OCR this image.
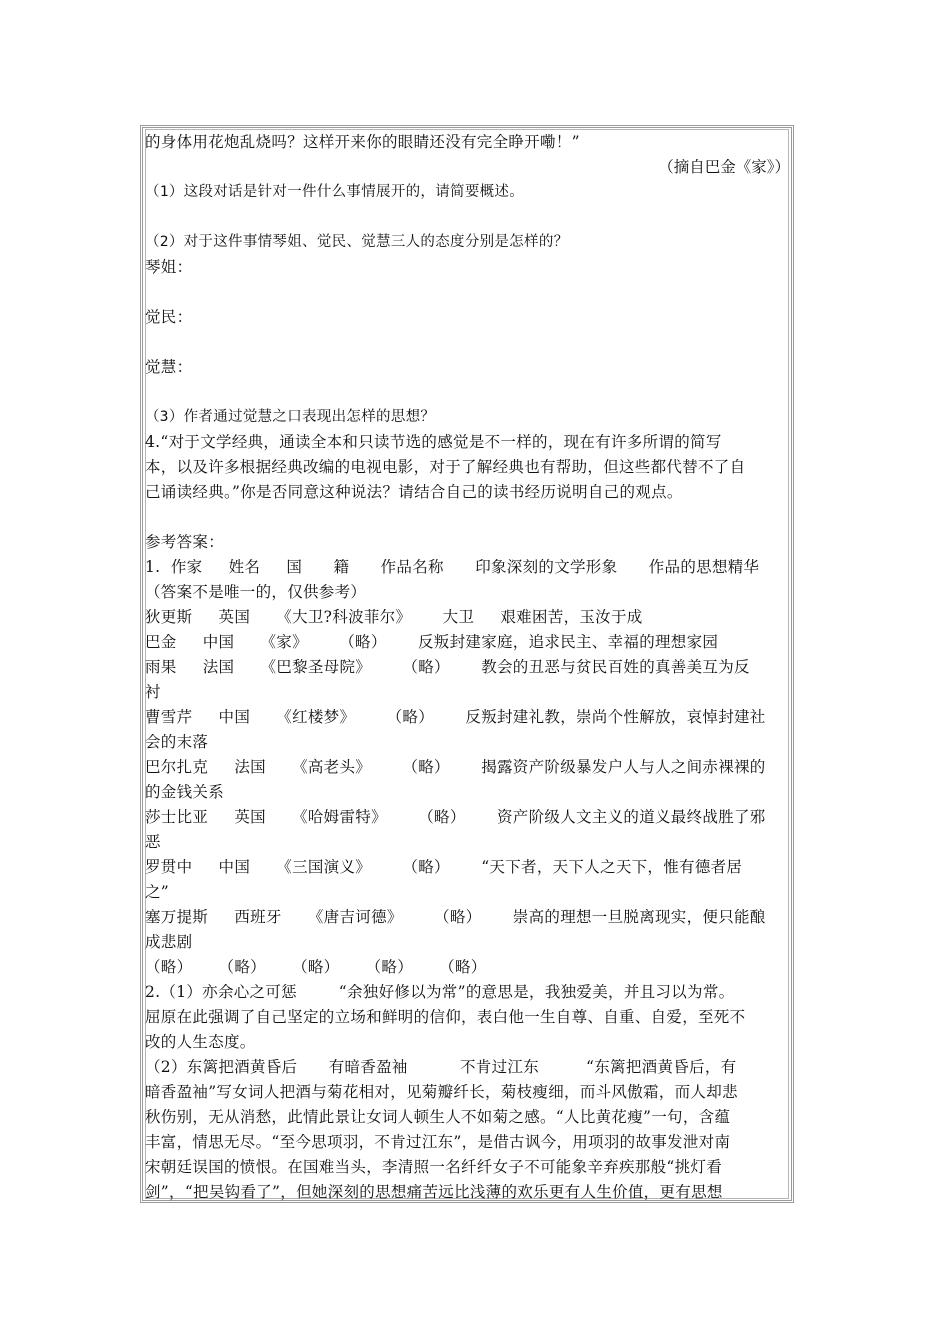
的身体用花炮乱烧吗？这样开来你的眼睛还没有完全睁开嘞！”
（摘自巴金《家》）
（1）这段对话是针对一件什么事情展开的，请简要概述。
（2）对于这件事情琴姐、觉民、觉慧三人的态度分别是怎样的？
琴姐：
觉民：
觉慧：
（3）作者通过觉慧之口表现出怎样的思想？
4.“对于文学经典，通读全本和只读节选的感觉是不一样的，现在有许多所谓的简写
本，以及许多根据经典改编的电视电影，对于了解经典也有帮助，但这些都代替不了自
己诵读经典。”你是否同意这种说法？请结合自己的读书经历说明自己的观点。
参考答案：
1.  作家     姓名     国      籍      作品名称      印象深刻的文学形象      作品的思想精华
（答案不是唯一的，仅供参考）
狄更斯     英国     《大卫?科波菲尔》      大卫     艰难困苦，玉汝于成
巴金     中国     《家》      （略）      反叛封建家庭，追求民主、幸福的理想家园
雨果     法国     《巴黎圣母院》      （略）      教会的丑恶与贫民百姓的真善美互为反
衬
曹雪芹     中国     《红楼梦》      （略）      反叛封建礼教，崇尚个性解放，哀悼封建社
会的末落
巴尔扎克     法国     《高老头》      （略）      揭露资产阶级暴发户人与人之间赤裸裸的
的金钱关系
莎士比亚     英国     《哈姆雷特》      （略）      资产阶级人文主义的道义最终战胜了邪
恶
罗贯中     中国     《三国演义》      （略）      “天下者，天下人之天下，惟有德者居
之”
塞万提斯     西班牙     《唐吉诃德》      （略）      崇高的理想一旦脱离现实，便只能酿
成悲剧
（略）     （略）     （略）     （略）     （略）
2.（1）亦余心之可惩        “余独好修以为常”的意思是，我独爱美，并且习以为常。
屈原在此强调了自己坚定的立场和鲜明的信仰，表白他一生自尊、自重、自爱，至死不
改的人生态度。
（2）东篱把酒黄昏后      有暗香盈袖          不肯过江东         “东篱把酒黄昏后，有
暗香盈袖”写女词人把酒与菊花相对，见菊瓣纤长，菊枝瘦细，而斗风傲霜，而人却悲
秋伤别，无从消愁，此情此景让女词人顿生人不如菊之感。“人比黄花瘦”一句，含蕴
丰富，情思无尽。“至今思项羽，不肯过江东”，是借古讽今，用项羽的故事发泄对南
宋朝廷误国的愤恨。在国难当头，李清照一名纤纤女子不可能象辛弃疾那般“挑灯看
剑”，“把吴钩看了”，但她深刻的思想痛苦远比浅薄的欢乐更有人生价值，更有思想
